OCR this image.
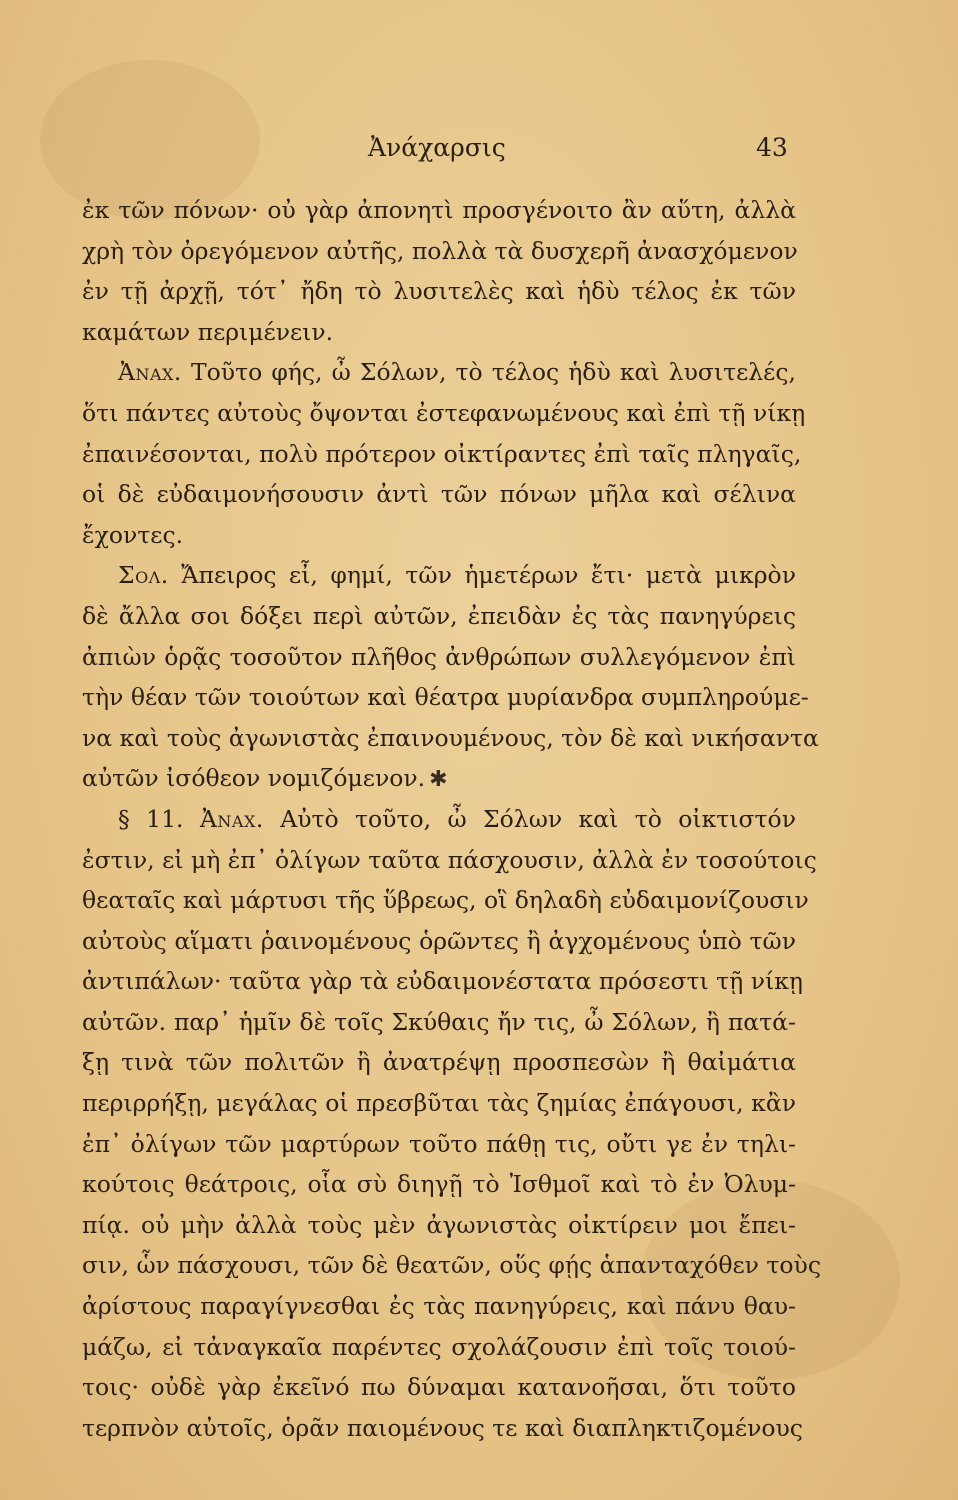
Ἀνάχαρσις	43
ἐκ τῶν πόνων· οὐ γὰρ ἀπονητὶ προσγένοιτο ἂν αὕτη, ἀλλὰ
χρὴ τὸν ὀρεγόμενον αὐτῆς, πολλὰ τὰ δυσχερῆ ἀνασχόμενον
ἐν τῇ ἀρχῇ, τότ᾽ ἤδη τὸ λυσιτελὲς καὶ ἡδὺ τέλος ἐκ τῶν
καμάτων περιμένειν.
Ἀναχ. Τοῦτο φής, ὦ Σόλων, τὸ τέλος ἡδὺ καὶ λυσιτελές,
ὅτι πάντες αὐτοὺς ὄψονται ἐστεφανωμένους καὶ ἐπὶ τῇ νίκῃ
ἐπαινέσονται, πολὺ πρότερον οἰκτίραντες ἐπὶ ταῖς πληγαῖς,
οἱ δὲ εὐδαιμονήσουσιν ἀντὶ τῶν πόνων μῆλα καὶ σέλινα
ἔχοντες.
Σολ. Ἄπειρος εἶ, φημί, τῶν ἡμετέρων ἔτι· μετὰ μικρὸν
δὲ ἄλλα σοι δόξει περὶ αὐτῶν, ἐπειδὰν ἐς τὰς πανηγύρεις
ἀπιὼν ὁρᾷς τοσοῦτον πλῆθος ἀνθρώπων συλλεγόμενον ἐπὶ
τὴν θέαν τῶν τοιούτων καὶ θέατρα μυρίανδρα συμπληρούμε-
να καὶ τοὺς ἀγωνιστὰς ἐπαινουμένους, τὸν δὲ καὶ νικήσαντα
αὐτῶν ἰσόθεον νομιζόμενον. ✱
§ 11. Ἀναχ. Αὐτὸ τοῦτο, ὦ Σόλων καὶ τὸ οἰκτιστόν
ἐστιν, εἰ μὴ ἐπ᾽ ὀλίγων ταῦτα πάσχουσιν, ἀλλὰ ἐν τοσούτοις
θεαταῖς καὶ μάρτυσι τῆς ὕβρεως, οἳ δηλαδὴ εὐδαιμονίζουσιν
αὐτοὺς αἵματι ῥαινομένους ὁρῶντες ἢ ἀγχομένους ὑπὸ τῶν
ἀντιπάλων· ταῦτα γὰρ τὰ εὐδαιμονέστατα πρόσεστι τῇ νίκῃ
αὐτῶν. παρ᾽ ἡμῖν δὲ τοῖς Σκύθαις ἤν τις, ὦ Σόλων, ἢ πατά-
ξῃ τινὰ τῶν πολιτῶν ἢ ἀνατρέψῃ προσπεσὼν ἢ θαἰμάτια
περιρρήξῃ, μεγάλας οἱ πρεσβῦται τὰς ζημίας ἐπάγουσι, κἂν
ἐπ᾽ ὀλίγων τῶν μαρτύρων τοῦτο πάθῃ τις, οὔτι γε ἐν τηλι-
κούτοις θεάτροις, οἷα σὺ διηγῇ τὸ Ἰσθμοῖ καὶ τὸ ἐν Ὀλυμ-
πίᾳ. οὐ μὴν ἀλλὰ τοὺς μὲν ἀγωνιστὰς οἰκτίρειν μοι ἔπει-
σιν, ὧν πάσχουσι, τῶν δὲ θεατῶν, οὕς φῄς ἁπανταχόθεν τοὺς
ἀρίστους παραγίγνεσθαι ἐς τὰς πανηγύρεις, καὶ πάνυ θαυ-
μάζω, εἰ τἀναγκαῖα παρέντες σχολάζουσιν ἐπὶ τοῖς τοιού-
τοις· οὐδὲ γὰρ ἐκεῖνό πω δύναμαι κατανοῆσαι, ὅτι τοῦτο
τερπνὸν αὐτοῖς, ὁρᾶν παιομένους τε καὶ διαπληκτιζομένους
